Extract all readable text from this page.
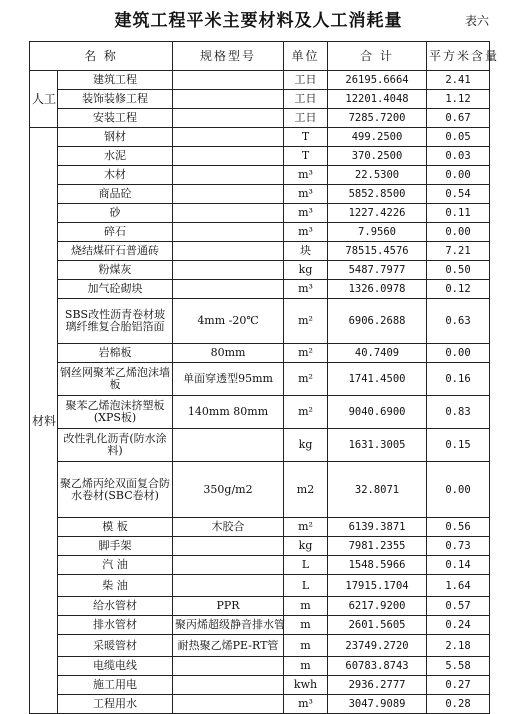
建筑工程平米主要材料及人工消耗量	表六
名 称		规格型号	单位	合 计	平方米含量
人工	建筑工程		工日	26195.6664	2.41
	装饰装修工程		工日	12201.4048	1.12
	安装工程		工日	7285.7200	0.67
材料	钢材		T	499.2500	0.05
	水泥		T	370.2500	0.03
	木材		m³	22.5300	0.00
	商品砼		m³	5852.8500	0.54
	砂		m³	1227.4226	0.11
	碎石		m³	7.9560	0.00
	烧结煤矸石普通砖		块	78515.4576	7.21
	粉煤灰		kg	5487.7977	0.50
	加气砼砌块		m³	1326.0978	0.12
	SBS改性沥青卷材玻璃纤维复合胎铝箔面	4mm -20℃	m²	6906.2688	0.63
	岩棉板	80mm	m²	40.7409	0.00
	钢丝网聚苯乙烯泡沫墙板	单面穿透型95mm	m²	1741.4500	0.16
	聚苯乙烯泡沫挤塑板(XPS板)	140mm 80mm	m²	9040.6900	0.83
	改性乳化沥青(防水涂料)		kg	1631.3005	0.15
	聚乙烯丙纶双面复合防水卷材(SBC卷材)	350g/m2	m2	32.8071	0.00
	模 板	木胶合	m²	6139.3871	0.56
	脚手架		kg	7981.2355	0.73
	汽 油		L	1548.5966	0.14
	柴 油		L	17915.1704	1.64
	给水管材	PPR	m	6217.9200	0.57
	排水管材	聚丙烯超级静音排水管	m	2601.5605	0.24
	采暖管材	耐热聚乙烯PE-RT管	m	23749.2720	2.18
	电缆电线		m	60783.8743	5.58
	施工用电		kwh	2936.2777	0.27
	工程用水		m³	3047.9089	0.28
